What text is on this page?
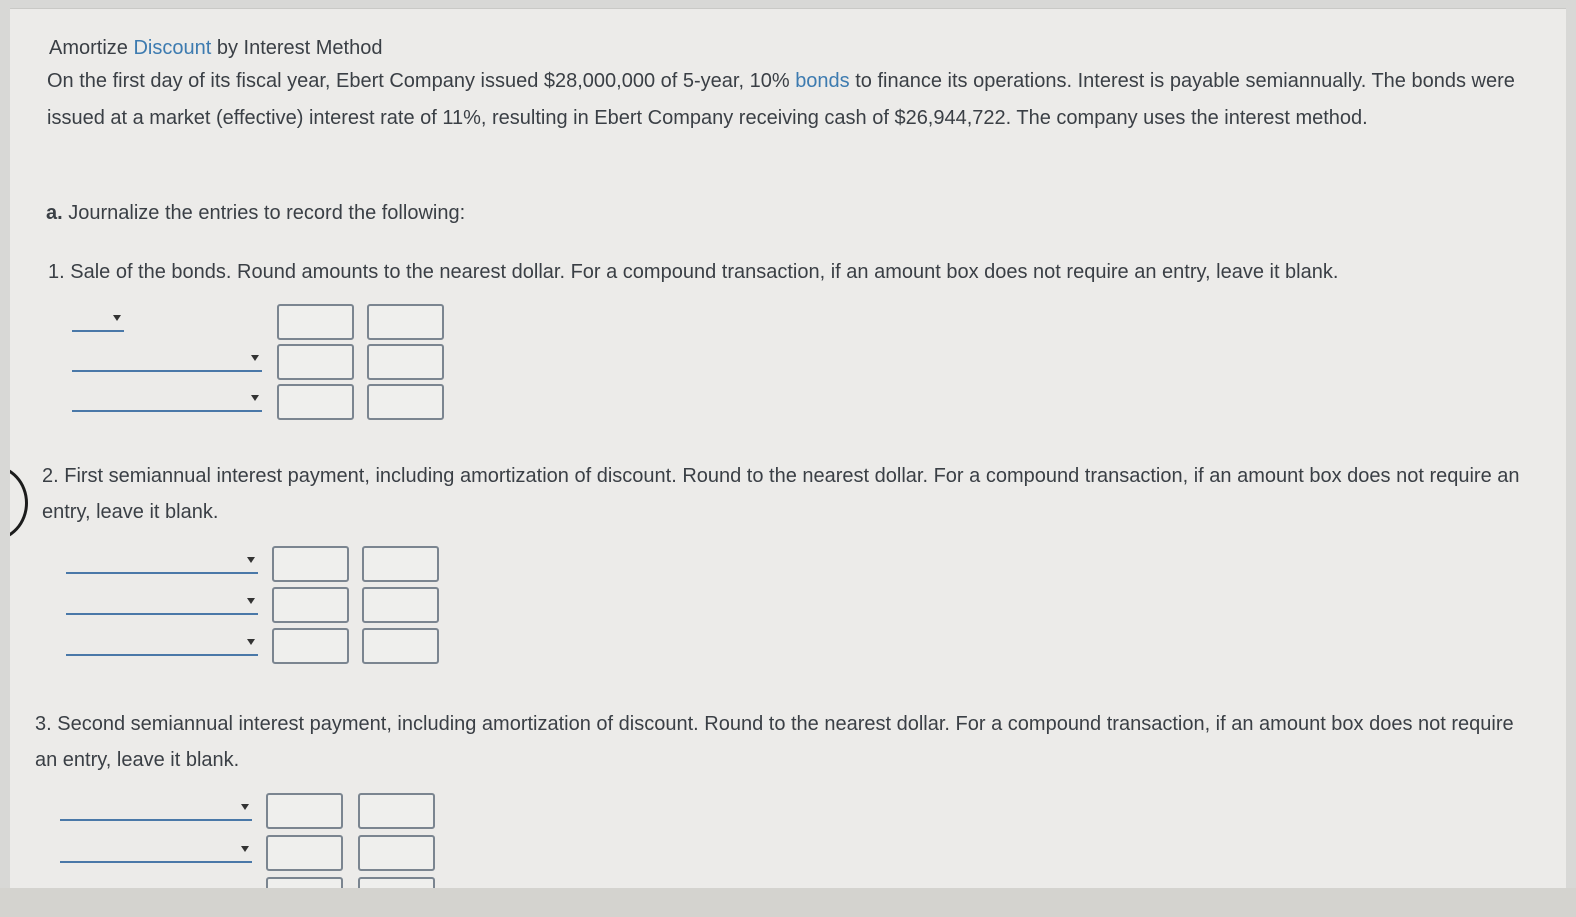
Amortize Discount by Interest Method
On the first day of its fiscal year, Ebert Company issued $28,000,000 of 5-year, 10% bonds to finance its operations. Interest is payable semiannually. The bonds were issued at a market (effective) interest rate of 11%, resulting in Ebert Company receiving cash of $26,944,722. The company uses the interest method.
a. Journalize the entries to record the following:
1. Sale of the bonds. Round amounts to the nearest dollar. For a compound transaction, if an amount box does not require an entry, leave it blank.
2. First semiannual interest payment, including amortization of discount. Round to the nearest dollar. For a compound transaction, if an amount box does not require an entry, leave it blank.
3. Second semiannual interest payment, including amortization of discount. Round to the nearest dollar. For a compound transaction, if an amount box does not require an entry, leave it blank.
